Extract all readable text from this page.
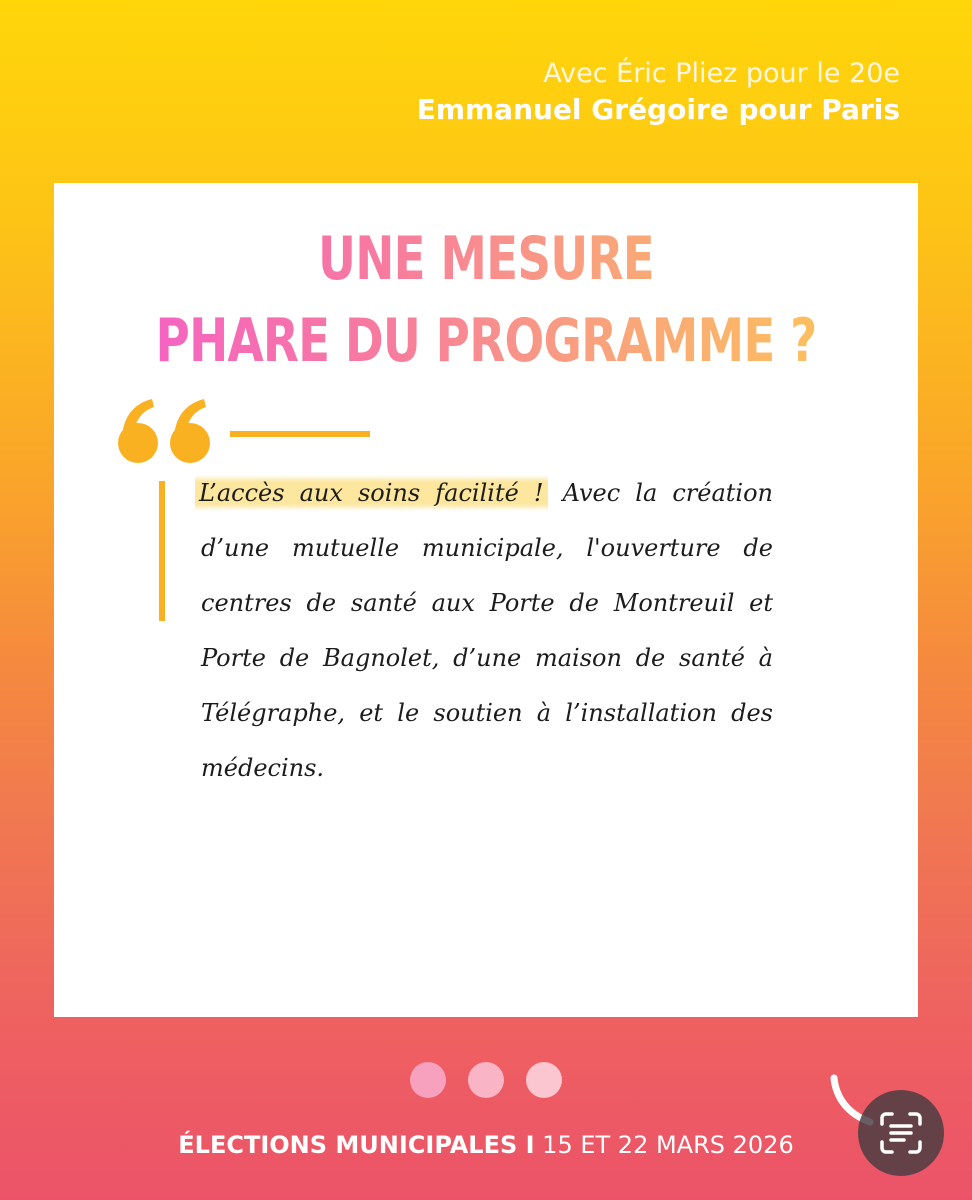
Avec Éric Pliez pour le 20e
Emmanuel Grégoire pour Paris
UNE MESURE
PHARE DU PROGRAMME ?
L’accès aux soins facilité ! Avec la création d’une mutuelle municipale, l'ouverture de centres de santé aux Porte de Montreuil et Porte de Bagnolet, d’une maison de santé à Télégraphe, et le soutien à l’installation des médecins.
ÉLECTIONS MUNICIPALES I 15 ET 22 MARS 2026
